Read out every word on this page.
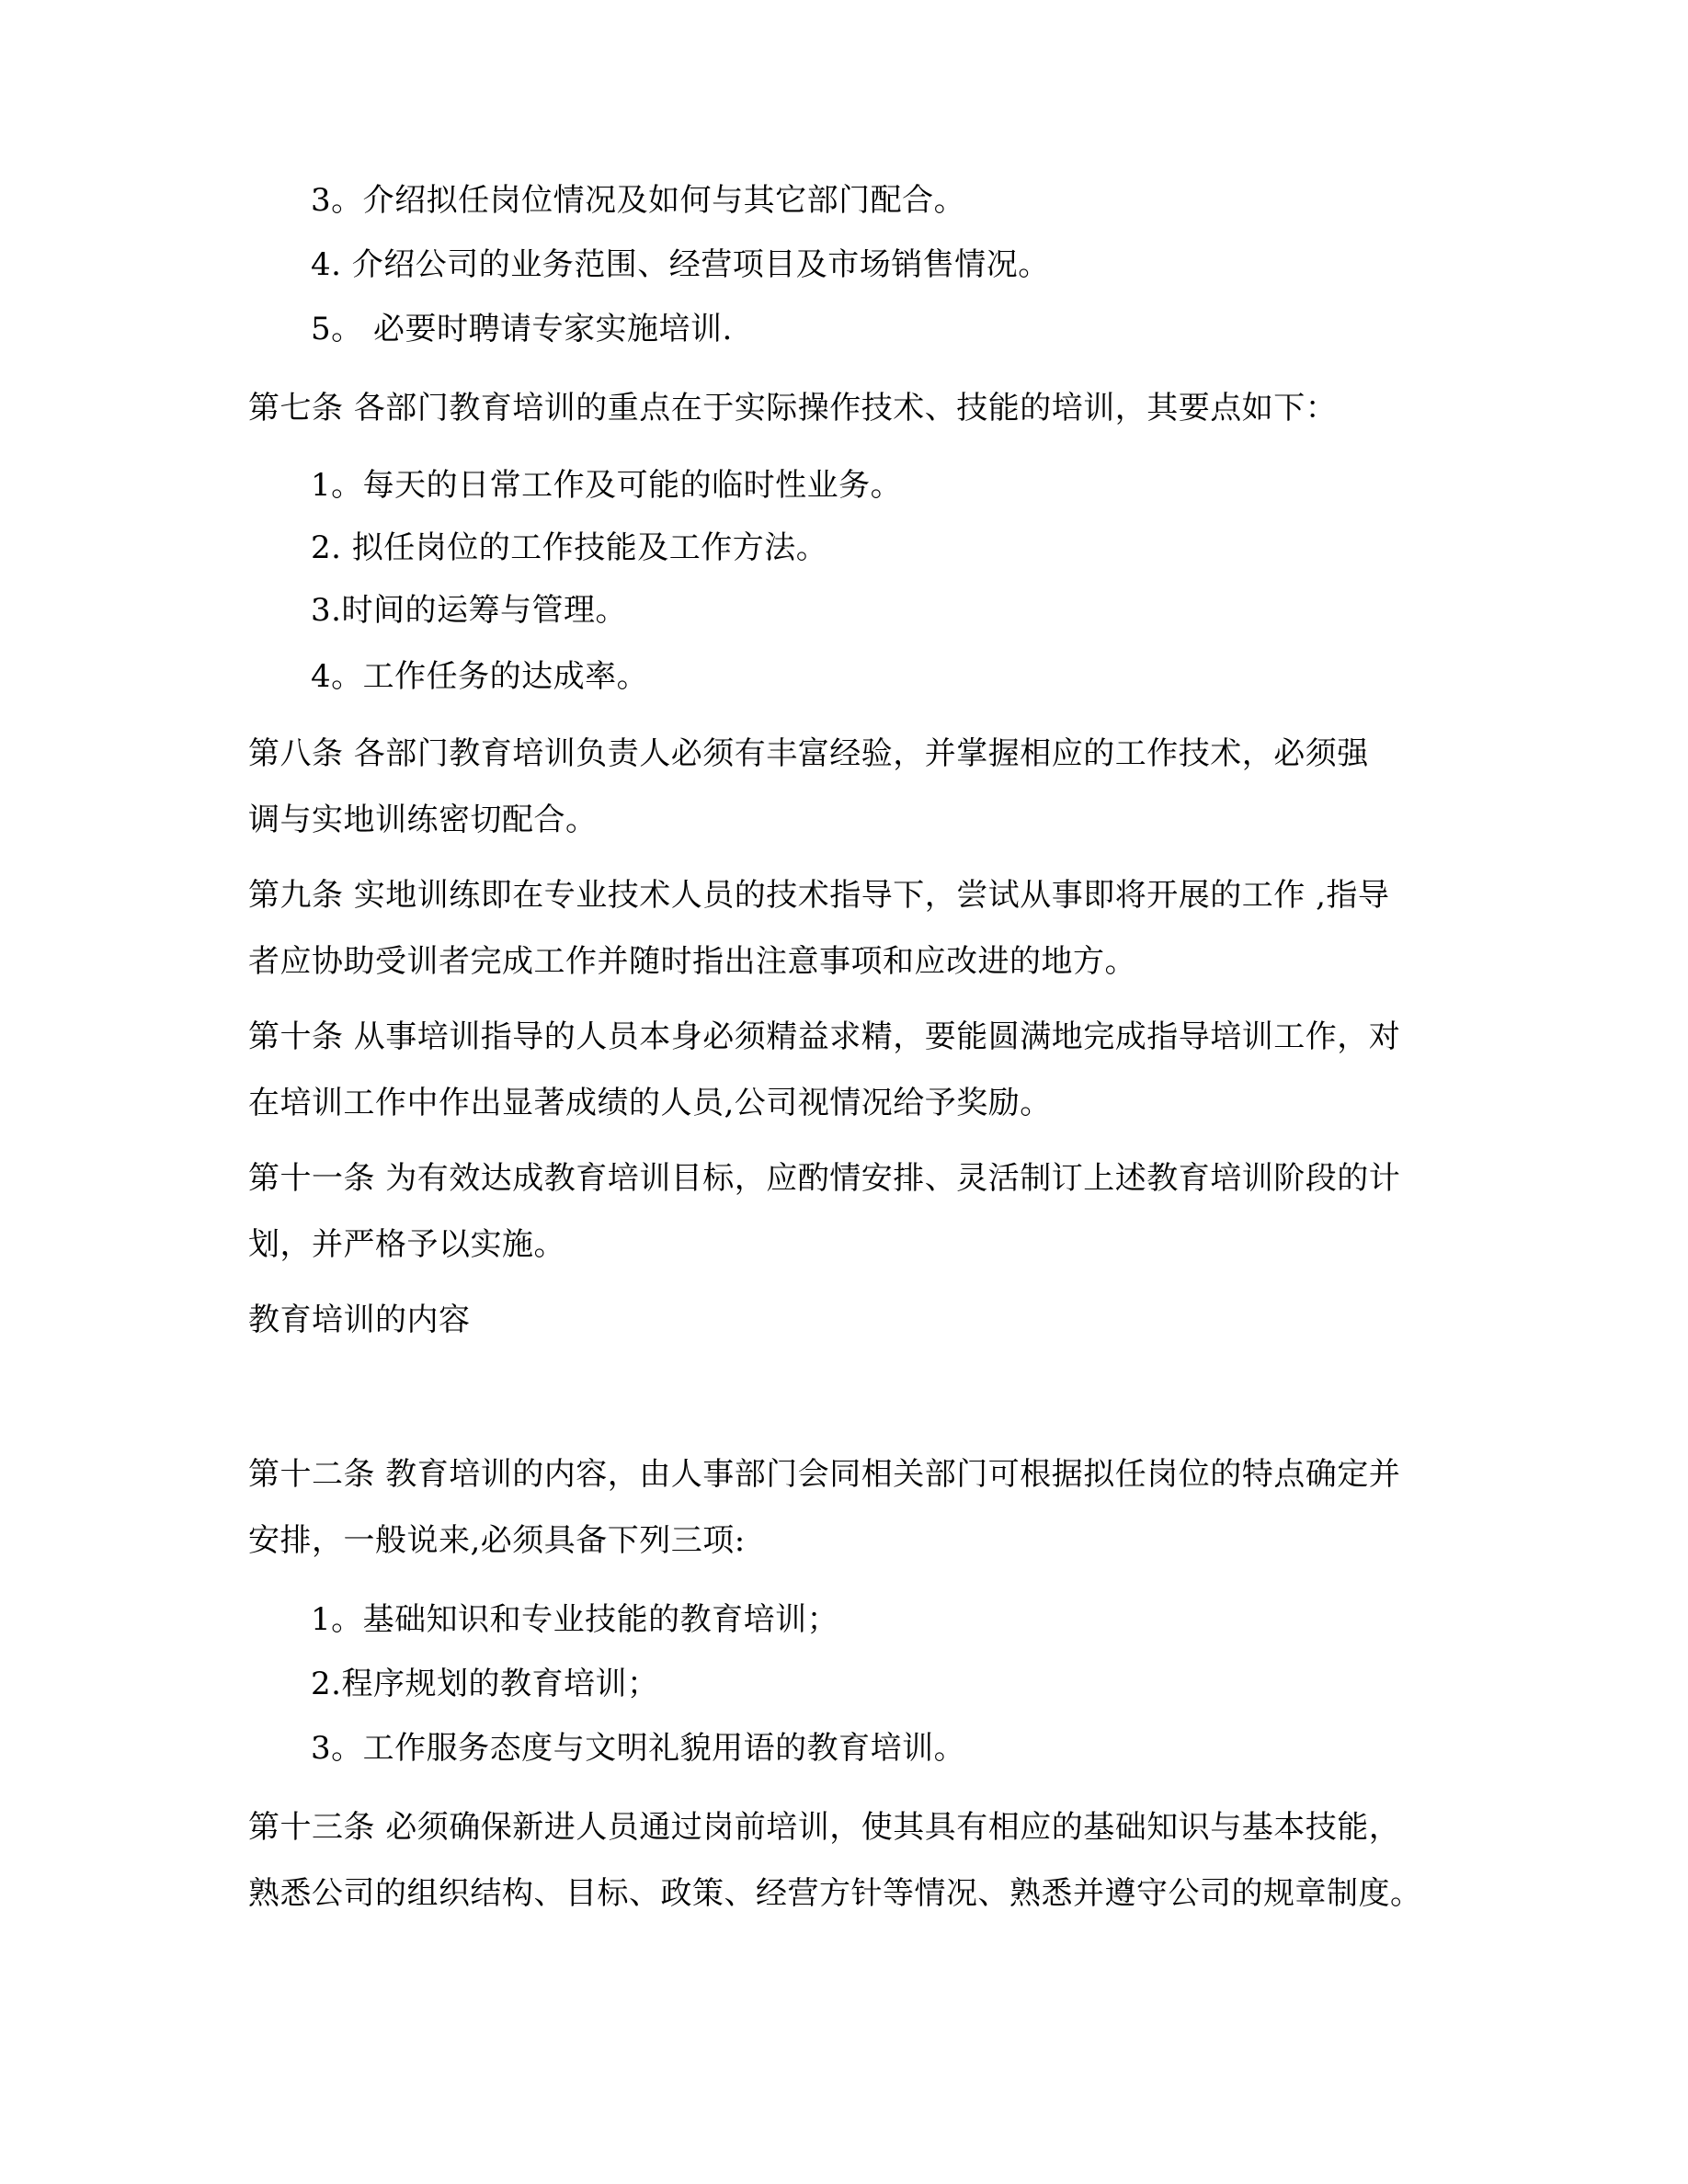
3。介绍拟任岗位情况及如何与其它部门配合。
4. 介绍公司的业务范围、经营项目及市场销售情况。
5。 必要时聘请专家实施培训.
第七条 各部门教育培训的重点在于实际操作技术、技能的培训，其要点如下：
1。每天的日常工作及可能的临时性业务。
2. 拟任岗位的工作技能及工作方法。
3.时间的运筹与管理。
4。工作任务的达成率。
第八条 各部门教育培训负责人必须有丰富经验，并掌握相应的工作技术，必须强
调与实地训练密切配合。
第九条 实地训练即在专业技术人员的技术指导下，尝试从事即将开展的工作 ,指导
者应协助受训者完成工作并随时指出注意事项和应改进的地方。
第十条 从事培训指导的人员本身必须精益求精，要能圆满地完成指导培训工作，对
在培训工作中作出显著成绩的人员,公司视情况给予奖励。
第十一条 为有效达成教育培训目标，应酌情安排、灵活制订上述教育培训阶段的计
划，并严格予以实施。
教育培训的内容
第十二条 教育培训的内容，由人事部门会同相关部门可根据拟任岗位的特点确定并
安排，一般说来,必须具备下列三项:
1。基础知识和专业技能的教育培训；
2.程序规划的教育培训；
3。工作服务态度与文明礼貌用语的教育培训。
第十三条 必须确保新进人员通过岗前培训，使其具有相应的基础知识与基本技能，
熟悉公司的组织结构、目标、政策、经营方针等情况、熟悉并遵守公司的规章制度。
